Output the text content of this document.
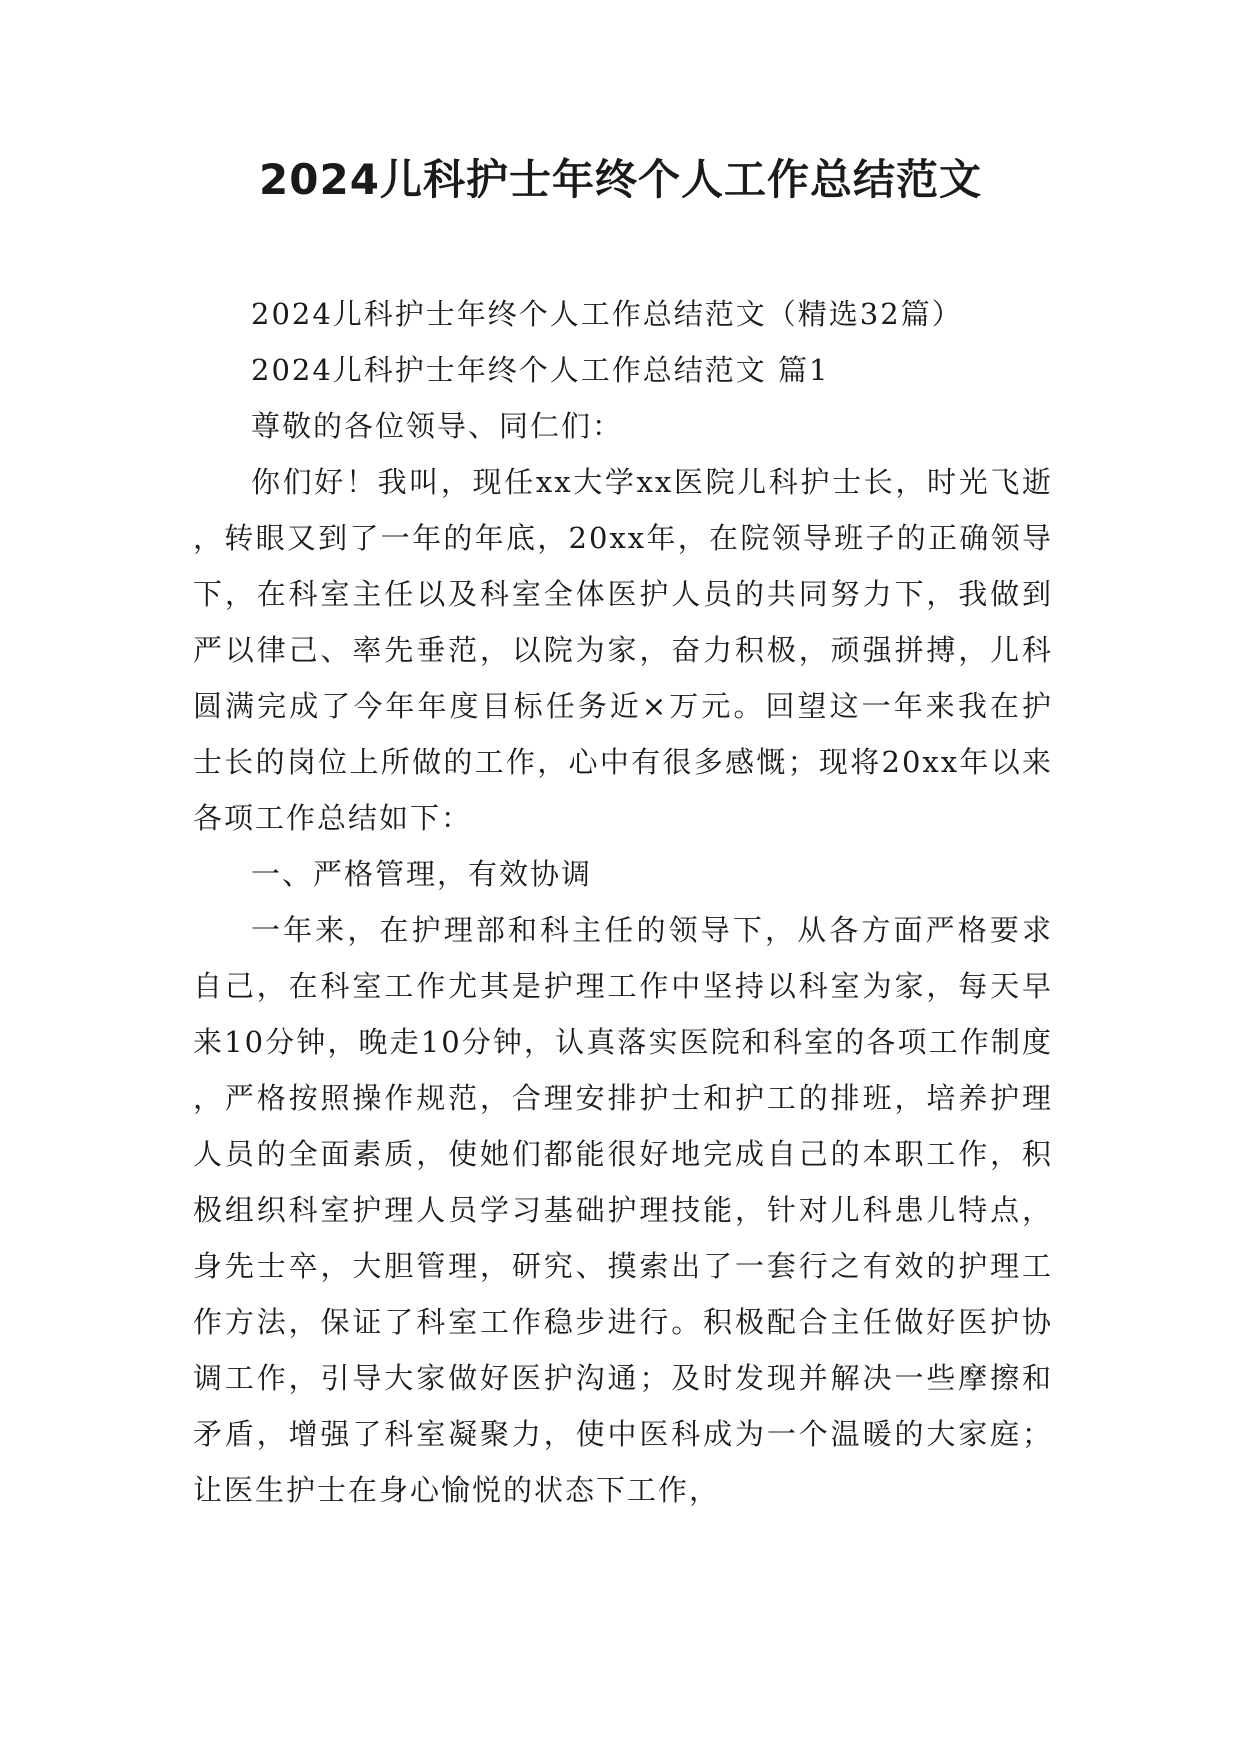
2024儿科护士年终个人工作总结范文

2024儿科护士年终个人工作总结范文（精选32篇）

2024儿科护士年终个人工作总结范文 篇1

尊敬的各位领导、同仁们：

你们好！我叫，现任xx大学xx医院儿科护士长，时光飞逝，转眼又到了一年的年底，20xx年，在院领导班子的正确领导下，在科室主任以及科室全体医护人员的共同努力下，我做到严以律己、率先垂范，以院为家，奋力积极，顽强拼搏，儿科圆满完成了今年年度目标任务近×万元。回望这一年来我在护士长的岗位上所做的工作，心中有很多感慨；现将20xx年以来各项工作总结如下：

一、严格管理，有效协调

一年来，在护理部和科主任的领导下，从各方面严格要求自己，在科室工作尤其是护理工作中坚持以科室为家，每天早来10分钟，晚走10分钟，认真落实医院和科室的各项工作制度，严格按照操作规范，合理安排护士和护工的排班，培养护理人员的全面素质，使她们都能很好地完成自己的本职工作，积极组织科室护理人员学习基础护理技能，针对儿科患儿特点，身先士卒，大胆管理，研究、摸索出了一套行之有效的护理工作方法，保证了科室工作稳步进行。积极配合主任做好医护协调工作，引导大家做好医护沟通；及时发现并解决一些摩擦和矛盾，增强了科室凝聚力，使中医科成为一个温暖的大家庭；让医生护士在身心愉悦的状态下工作，
